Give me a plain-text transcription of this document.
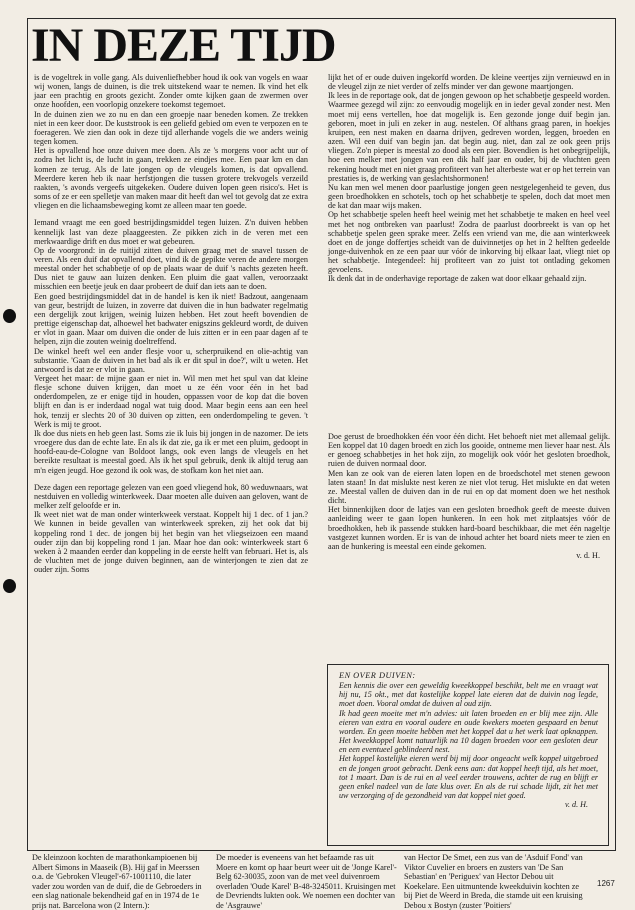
IN DEZE TIJD

is de vogeltrek in volle gang. Als duivenliefhebber houd ik ook van vogels en waar wij wonen, langs de duinen, is die trek uitstekend waar te nemen. Ik vind het elk jaar een prachtig en groots gezicht. Zonder omte kijken gaan de zwermen over onze hoofden, een voorlopig onzekere toekomst tegemoet.

In de duinen zien we zo nu en dan een groepje naar beneden komen. Ze trekken niet in een keer door. De kuststrook is een geliefd gebied om even te verpozen en te foerageren. We zien dan ook in deze tijd allerhande vogels die we anders weinig tegen komen.

Het is opvallend hoe onze duiven mee doen. Als ze 's morgens voor acht uur of zodra het licht is, de lucht in gaan, trekken ze eindjes mee. Een paar km en dan komen ze terug. Als de late jongen op de vleugels komen, is dat opvallend. Meerdere keren heb ik naar herfstjongen die tussen grotere trekvogels verzeild raakten, 's avonds vergeefs uitgekeken. Oudere duiven lopen geen risico's. Het is soms of ze er een spelletje van maken maar dit heeft dan wel tot gevolg dat ze extra vliegen en die lichaamsbeweging komt ze alleen maar ten goede.

Iemand vraagt me een goed bestrijdingsmiddel tegen luizen. Z'n duiven hebben kennelijk last van deze plaaggeesten. Ze pikken zich in de veren met een merkwaardige drift en dus moet er wat gebeuren.

Op de voorgrond: in de ruitijd zitten de duiven graag met de snavel tussen de veren. Als een duif dat opvallend doet, vind ik de gepikte veren de andere morgen meestal onder het schabbetje of op de plaats waar de duif 's nachts gezeten heeft. Dus niet te gauw aan luizen denken. Een pluim die gaat vallen, veroorzaakt misschien een beetje jeuk en daar probeert de duif dan iets aan te doen.

Een goed bestrijdingsmiddel dat in de handel is ken ik niet! Badzout, aangenaam van geur, bestrijdt de luizen, in zoverre dat duiven die in hun badwater regelmatig een dergelijk zout krijgen, weinig luizen hebben. Het zout heeft bovendien de prettige eigenschap dat, alhoewel het badwater enigszins gekleurd wordt, de duiven er vlot in gaan. Maar om duiven die onder de luis zitten er in een paar dagen af te helpen, zijn die zouten weinig doeltreffend.

De winkel heeft wel een ander flesje voor u, scherpruikend en olie-achtig van substantie. 'Gaan de duiven in het bad als ik er dit spul in doe?', wilt u weten. Het antwoord is dat ze er vlot in gaan.

Vergeet het maar: de mijne gaan er niet in. Wil men met het spul van dat kleine flesje schone duiven krijgen, dan moet u ze één voor één in het bad onderdompelen, ze er enige tijd in houden, oppassen voor de kop dat die boven blijft en dan is er inderdaad nogal wat tuig dood. Maar begin eens aan een heel hok, tenzij er slechts 20 of 30 duiven op zitten, een onderdompeling te geven. 't Werk is mij te groot.

Ik doe dus niets en heb geen last. Soms zie ik luis bij jongen in de nazomer. De iets vroegere dus dan de echte late. En als ik dat zie, ga ik er met een pluim, gedoopt in hoofd-eau-de-Cologne van Boldoot langs, ook even langs de vleugels en het bereikte resultaat is meestal goed. Als ik het spul gebruik, denk ik altijd terug aan m'n eigen jeugd. Hoe gezond ik ook was, de stofkam kon het niet aan.

Deze dagen een reportage gelezen van een goed vliegend hok, 80 weduwnaars, wat nestduiven en volledig winterkweek. Daar moeten alle duiven aan geloven, want de melker zelf geloofde er in.

Ik weet niet wat de man onder winterkweek verstaat. Koppelt hij 1 dec. of 1 jan.? We kunnen in beide gevallen van winterkweek spreken, zij het ook dat bij koppeling rond 1 dec. de jongen bij het begin van het vliegseizoen een maand ouder zijn dan bij koppeling rond 1 jan. Maar hoe dan ook: winterkweek start 6 weken à 2 maanden eerder dan koppeling in de eerste helft van februari. Het is, als de vluchten met de jonge duiven beginnen, aan de winterjongen te zien dat ze ouder zijn. Soms

lijkt het of er oude duiven ingekorfd worden. De kleine veertjes zijn vernieuwd en in de vleugel zijn ze niet verder of zelfs minder ver dan gewone maartjongen.

Ik lees in de reportage ook, dat de jongen gewoon op het schabbetje gespeeld worden. Waarmee gezegd wil zijn: zo eenvoudig mogelijk en in ieder geval zonder nest. Men moet mij eens vertellen, hoe dat mogelijk is. Een gezonde jonge duif begin jan. geboren, moet in juli en zeker in aug. nestelen. Of althans graag paren, in hoekjes kruipen, een nest maken en daarna drijven, gedreven worden, leggen, broeden en azen. Wil een duif van begin jan. dat begin aug. niet, dan zal ze ook geen prijs vliegen. Zo'n pieper is meestal zo dood als een pier. Bovendien is het onbegrijpelijk, hoe een melker met jongen van een dik half jaar en ouder, bij de vluchten geen rekening houdt met en niet graag profiteert van het alterbeste wat er op het terrein van prestaties is, de werking van geslachtshormonen!

Nu kan men wel menen door paarlustige jongen geen nestgelegenheid te geven, dus geen broedhokken en schotels, toch op het schabbetje te spelen, doch dat moet men de kat dan maar wijs maken.

Op het schabbetje spelen heeft heel weinig met het schabbetje te maken en heel veel met het nog ontbreken van paarlust! Zodra de paarlust doorbreekt is van op het schabbetje spelen geen sprake meer. Zelfs een vriend van me, die aan winterkweek doet en de jonge doffertjes scheidt van de duivinnetjes op het in 2 helften gedeelde jonge-duivenhok en ze een paar uur vóór de inkorving bij elkaar laat, vliegt niet op het schabbetje. Integendeel: hij profiteert van zo juist tot ontlading gekomen gevoelens.

Ik denk dat in de onderhavige reportage de zaken wat door elkaar gehaald zijn.

Doe gerust de broedhokken één voor één dicht. Het behoeft niet met allemaal gelijk. Een koppel dat 10 dagen broedt en zich los gooide, ontneme men liever haar nest. Als er genoeg schabbetjes in het hok zijn, zo mogelijk ook vóór het gesloten broedhok, ruien de duiven normaal door.

Men kan ze ook van de eieren laten lopen en de broedschotel met stenen gewoon laten staan! In dat mislukte nest keren ze niet vlot terug. Het mislukte en dat weten ze. Meestal vallen de duiven dan in de rui en op dat moment doen we het nesthok dicht.

Het binnenkijken door de latjes van een gesloten broedhok geeft de meeste duiven aanleiding weer te gaan lopen hunkeren. In een hok met zitplaatsjes vóór de broedhokken, heb ik passende stukken hard-board beschikbaar, die met één nageltje vastgezet kunnen worden. Er is van de inhoud achter het board niets meer te zien en aan de hunkering is meestal een einde gekomen.

v. d. H.

EN OVER DUIVEN:

Een kennis die over een geweldig kweekkoppel beschikt, belt me en vraagt wat hij nu, 15 okt., met dat kostelijke koppel late eieren dat de duivin nog legde, moet doen. Vooral omdat de duiven al oud zijn.

Ik had geen moeite met m'n advies: uit laten broeden en er blij mee zijn. Alle eieren van extra en vooral oudere en oude kwekers moeten gespaard en benut worden. En geen moeite hebben met het koppel dat u het werk laat opknappen. Het kweekkoppel komt natuurlijk na 10 dagen broeden voor een gesloten deur en een eventueel geblindeerd nest.

Het koppel kostelijke eieren werd bij mij door ongeacht welk koppel uitgebroed en de jongen groot gebracht. Denk eens aan: dat koppel heeft tijd, als het moet, tot 1 maart. Dan is de rui en al veel eerder trouwens, achter de rug en blijft er geen enkel nadeel van de late klus over. En als de rui schade lijdt, zit het met uw verzorging of de gezondheid van dat koppel niet goed.

v. d. H.

De kleinzoon kochten de marathonkampioenen bij Albert Simons in Maaseik (B). Hij gaf in Meerssen o.a. de 'Gebroken Vleugel'-67-1001110, die later vader zou worden van de duif, die de Gebroeders in een slag nationale bekendheid gaf en in 1974 de 1e prijs nat. Barcelona won (2 Intern.):
De moeder is eveneens van het befaamde ras uit Moere en komt op haar beurt weer uit de 'Jonge Karel'-Belg 62-30035, zoon van de met veel duivenroem overladen 'Oude Karel' B-48-3245011. Kruisingen met de Devriendts lukten ook. We noemen een dochter van de 'Asgrauwe'
van Hector De Smet, een zus van de 'Asduif Fond' van Viktor Cuvelier en broers en zusters van 'De San Sebastian' en 'Periguex' van Hector Debou uit Koekelare. Een uitmuntende kweekduivin kochten ze bij Piet de Weerd in Breda, die stamde uit een kruising Debou x Bostyn (zuster 'Poitiers'
1267
